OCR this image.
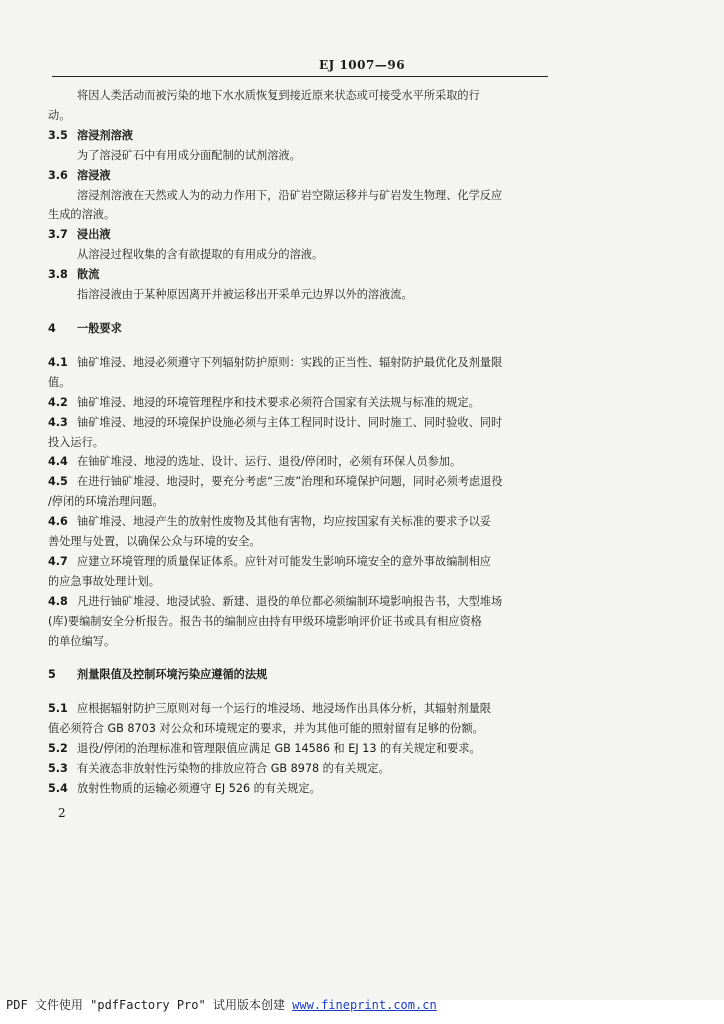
EJ 1007—96
将因人类活动而被污染的地下水水质恢复到接近原来状态或可接受水平所采取的行
动。
3.5 溶浸剂溶液
为了溶浸矿石中有用成分面配制的试剂溶液。
3.6 溶浸液
溶浸剂溶液在天然或人为的动力作用下，沿矿岩空隙运移并与矿岩发生物理、化学反应
生成的溶液。
3.7 浸出液
从溶浸过程收集的含有欲提取的有用成分的溶液。
3.8 散流
指溶浸液由于某种原因离开并被运移出开采单元边界以外的溶液流。
4 一般要求
4.1 铀矿堆浸、地浸必须遵守下列辐射防护原则：实践的正当性、辐射防护最优化及剂量限
值。
4.2 铀矿堆浸、地浸的环境管理程序和技术要求必须符合国家有关法规与标准的规定。
4.3 铀矿堆浸、地浸的环境保护设施必须与主体工程同时设计、同时施工、同时验收、同时
投入运行。
4.4 在铀矿堆浸、地浸的选址、设计、运行、退役/停闭时，必须有环保人员参加。
4.5 在进行铀矿堆浸、地浸时，要充分考虑“三废”治理和环境保护问题，同时必须考虑退役
/停闭的环境治理问题。
4.6 铀矿堆浸、地浸产生的放射性废物及其他有害物，均应按国家有关标准的要求予以妥
善处理与处置，以确保公众与环境的安全。
4.7 应建立环境管理的质量保证体系。应针对可能发生影响环境安全的意外事故编制相应
的应急事故处理计划。
4.8 凡进行铀矿堆浸、地浸试验、新建、退役的单位都必须编制环境影响报告书，大型堆场
(库)要编制安全分析报告。报告书的编制应由持有甲级环境影响评价证书或具有相应资格
的单位编写。
5 剂量限值及控制环境污染应遵循的法规
5.1 应根据辐射防护三原则对每一个运行的堆浸场、地浸场作出具体分析，其辐射剂量限
值必须符合 GB 8703 对公众和环境规定的要求，并为其他可能的照射留有足够的份额。
5.2 退役/停闭的治理标准和管理限值应满足 GB 14586 和 EJ 13 的有关规定和要求。
5.3 有关液态非放射性污染物的排放应符合 GB 8978 的有关规定。
5.4 放射性物质的运输必须遵守 EJ 526 的有关规定。
2
PDF 文件使用 "pdfFactory Pro" 试用版本创建 www.fineprint.com.cn
